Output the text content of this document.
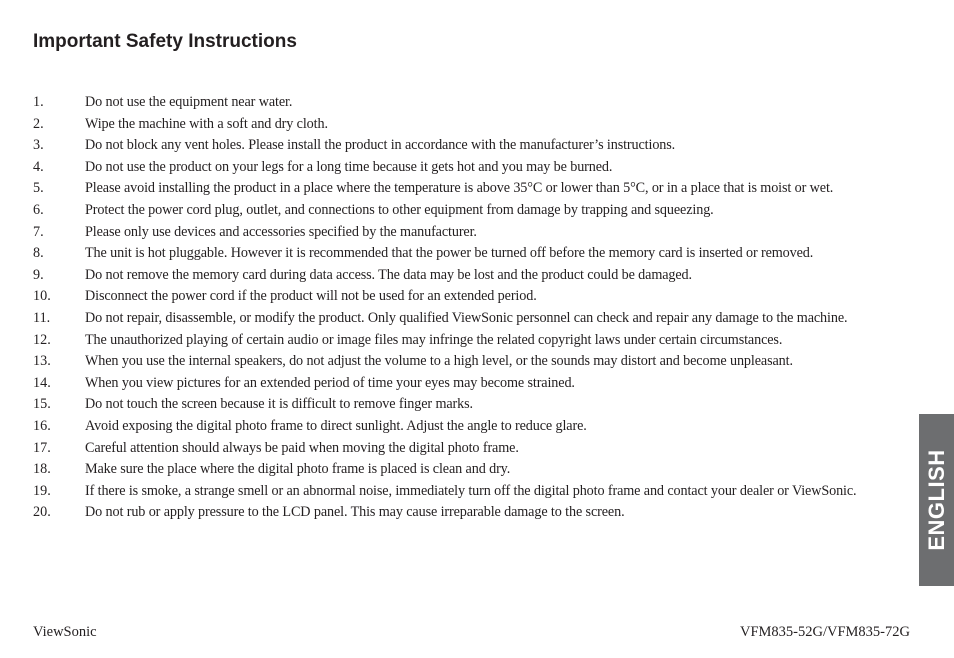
Important Safety Instructions
1.	Do not use the equipment near water.
2.	Wipe the machine with a soft and dry cloth.
3.	Do not block any vent holes. Please install the product in accordance with the manufacturer’s instructions.
4.	Do not use the product on your legs for a long time because it gets hot and you may be burned.
5.	Please avoid installing the product in a place where the temperature is above 35°C or lower than 5°C, or in a place that is moist or wet.
6.	Protect the power cord plug, outlet, and connections to other equipment from damage by trapping and squeezing.
7.	Please only use devices and accessories specified by the manufacturer.
8.	The unit is hot pluggable. However it is recommended that the power be turned off before the memory card is inserted or removed.
9.	Do not remove the memory card during data access. The data may be lost and the product could be damaged.
10. Disconnect the power cord if the product will not be used for an extended period.
11. Do not repair, disassemble, or modify the product. Only qualified ViewSonic personnel can check and repair any damage to the machine.
12. The unauthorized playing of certain audio or image files may infringe the related copyright laws under certain circumstances.
13. When you use the internal speakers, do not adjust the volume to a high level, or the sounds may distort and become unpleasant.
14. When you view pictures for an extended period of time your eyes may become strained.
15. Do not touch the screen because it is difficult to remove finger marks.
16. Avoid exposing the digital photo frame to direct sunlight. Adjust the angle to reduce glare.
17. Careful attention should always be paid when moving the digital photo frame.
18. Make sure the place where the digital photo frame is placed is clean and dry.
19. If there is smoke, a strange smell or an abnormal noise, immediately turn off the digital photo frame and contact your dealer or ViewSonic.
20. Do not rub or apply pressure to the LCD panel. This may cause irreparable damage to the screen.	ENGLISH
ViewSonic	VFM835-52G/VFM835-72G
